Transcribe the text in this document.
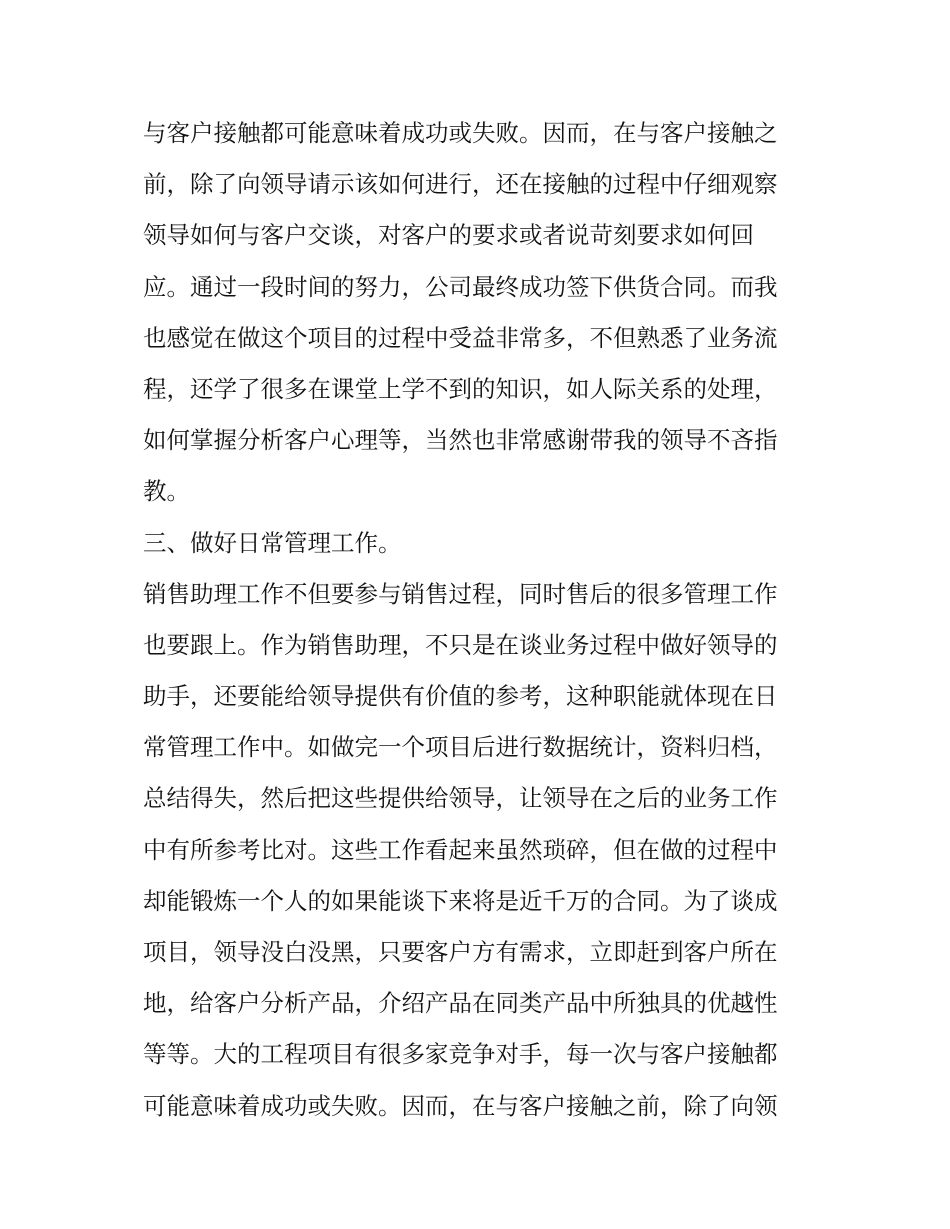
与客户接触都可能意味着成功或失败。因而，在与客户接触之
前，除了向领导请示该如何进行，还在接触的过程中仔细观察
领导如何与客户交谈，对客户的要求或者说苛刻要求如何回
应。通过一段时间的努力，公司最终成功签下供货合同。而我
也感觉在做这个项目的过程中受益非常多，不但熟悉了业务流
程，还学了很多在课堂上学不到的知识，如人际关系的处理，
如何掌握分析客户心理等，当然也非常感谢带我的领导不吝指
教。
三、做好日常管理工作。
销售助理工作不但要参与销售过程，同时售后的很多管理工作
也要跟上。作为销售助理，不只是在谈业务过程中做好领导的
助手，还要能给领导提供有价值的参考，这种职能就体现在日
常管理工作中。如做完一个项目后进行数据统计，资料归档，
总结得失，然后把这些提供给领导，让领导在之后的业务工作
中有所参考比对。这些工作看起来虽然琐碎，但在做的过程中
却能锻炼一个人的如果能谈下来将是近千万的合同。为了谈成
项目，领导没白没黑，只要客户方有需求，立即赶到客户所在
地，给客户分析产品，介绍产品在同类产品中所独具的优越性
等等。大的工程项目有很多家竞争对手，每一次与客户接触都
可能意味着成功或失败。因而，在与客户接触之前，除了向领
